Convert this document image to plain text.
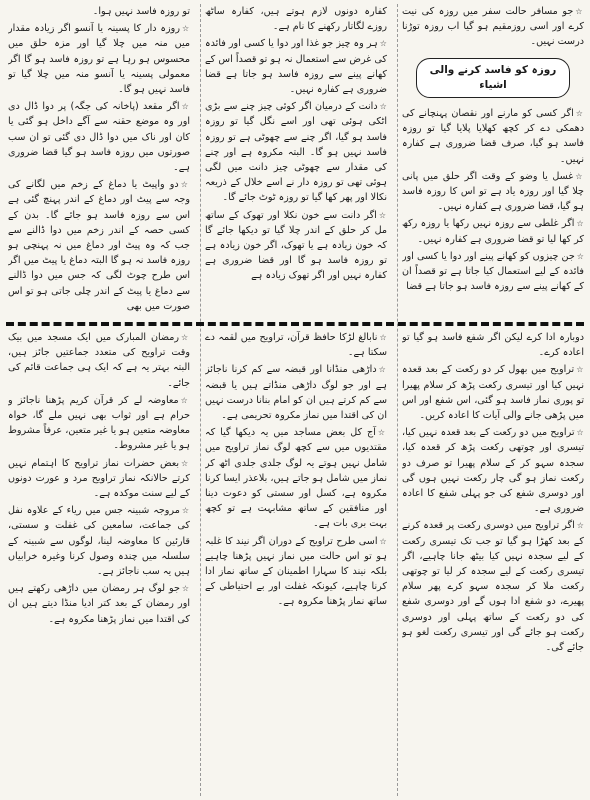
☆جو مسافر حالت سفر میں روزہ کی نیت کرے اور اسی روزمقیم ہو گیا اب روزہ توڑنا درست نہیں۔

روزہ کو فاسد کرنے والی اشیاء

☆اگر کسی کو مارنے اور نقصان پہنچانے کی دھمکی دے کر کچھ کھلایا پلایا گیا تو روزہ فاسد ہو گیا، صرف قضا ضروری ہے کفارہ نہیں۔

☆غسل یا وضو کے وقت اگر حلق میں پانی چلا گیا اور روزہ یاد ہے تو اس کا روزہ فاسد ہو گیا، قضا ضروری ہے کفارہ نہیں۔

☆اگر غلطی سے روزہ نہیں رکھا یا روزہ رکھ کر کھا لیا تو قضا ضروری ہے کفارہ نہیں۔

☆جن چیزوں کو کھانے پینے اور دوا یا کسی اور فائدہ کے لیے استعمال کیا جاتا ہے تو قصداً ان کے کھانے پینے سے روزہ فاسد ہو جاتا ہے قضا

کفارہ دونوں لازم ہوتے ہیں، کفارہ ساٹھ روزے لگاتار رکھنے کا نام ہے۔

☆ہر وہ چیز جو غذا اور دوا یا کسی اور فائدہ کی غرض سے استعمال نہ ہو تو قصداً اس کے کھانے پینے سے روزہ فاسد ہو جاتا ہے قضا ضروری ہے کفارہ نہیں۔

☆دانت کے درمیان اگر کوئی چیز چنے سے بڑی اٹکی ہوئی تھی اور اسے نگل گیا تو روزہ فاسد ہو گیا، اگر چنے سے چھوٹی ہے تو روزہ فاسد نہیں ہو گا۔ البتہ مکروہ ہے اور چنے کی مقدار سے چھوٹی چیز دانت میں لگی ہوئی تھی تو روزہ دار نے اسے خلال کے ذریعہ نکالا اور پھر کھا گیا تو روزہ ٹوٹ جائے گا۔

☆اگر دانت سے خون نکلا اور تھوک کے ساتھ مل کر حلق کے اندر چلا گیا تو دیکھا جائے گا کہ خون زیادہ ہے یا تھوک، اگر خون زیادہ ہے تو روزہ فاسد ہو گا اور قضا ضروری ہے کفارہ نہیں اور اگر تھوک زیادہ ہے

تو روزہ فاسد نہیں ہوا۔

☆روزہ دار کا پسینہ یا آنسو اگر زیادہ مقدار میں منہ میں چلا گیا اور مزہ حلق میں محسوس ہو رہا ہے تو روزہ فاسد ہو گا اگر معمولی پسینہ یا آنسو منہ میں چلا گیا تو فاسد نہیں ہو گا۔

☆اگر مقعد (پاخانہ کی جگہ) پر دوا ڈال دی اور وہ موضع حقنہ سے آگے داخل ہو گئی یا کان اور ناک میں دوا ڈال دی گئی تو ان سب صورتوں میں روزہ فاسد ہو گیا قضا ضروری ہے۔

☆دو واپیٹ یا دماغ کے زخم میں لگانے کی وجہ سے پیٹ اور دماغ کے اندر پہنچ گئی ہے اس سے روزہ فاسد ہو جائے گا۔ بدن کے کسی حصہ کے اندر زخم میں دوا ڈالنے سے جب کہ وہ پیٹ اور دماغ میں نہ پہنچی ہو روزہ فاسد نہ ہو گا البتہ دماغ یا پیٹ میں اگر اس طرح چوٹ لگی کہ جس میں دوا ڈالنے سے دماغ یا پیٹ کے اندر چلی جاتی ہو تو اس صورت میں بھی

دوبارہ ادا کرے لیکن اگر شفع فاسد ہو گیا تو اعادہ کرے۔

☆تراویح میں بھول کر دو رکعت کے بعد قعدہ نہیں کیا اور تیسری رکعت پڑھ کر سلام پھیرا تو پوری نماز فاسد ہو گئی، اس شفع اور اس میں پڑھی جانے والی آیات کا اعادہ کریں۔

☆تراویح میں دو رکعت کے بعد قعدہ نہیں کیا، تیسری اور چوتھی رکعت پڑھ کر قعدہ کیا، سجدہ سہو کر کے سلام پھیرا تو صرف دو رکعت نماز ہو گی چار رکعت نہیں ہوں گی اور دوسری شفع کی جو پہلی شفع کا اعادہ ضروری ہے۔

☆اگر تراویح میں دوسری رکعت پر قعدہ کرنے کے بعد کھڑا ہو گیا تو جب تک تیسری رکعت کے لیے سجدہ نہیں کیا بیٹھ جانا چاہیے، اگر تیسری رکعت کے لیے سجدہ کر لیا تو چوتھی رکعت ملا کر سجدہ سہو کرے پھر سلام پھیرے، دو شفع ادا ہوں گے اور دوسری شفع کی دو رکعت کے ساتھ پہلی اور دوسری رکعت ہو جائے گی اور تیسری رکعت لغو ہو جائے گی۔

☆نابالغ لڑکا حافظ قرآن، تراویح میں لقمہ دے سکتا ہے۔

☆داڑھی منڈانا اور قبضہ سے کم کرنا ناجائز ہے اور جو لوگ داڑھی منڈاتے ہیں یا قبضہ سے کم کرتے ہیں ان کو امام بنانا درست نہیں ان کی اقتدا میں نماز مکروہ تحریمی ہے۔

☆آج کل بعض مساجد میں یہ دیکھا گیا کہ مقتدیوں میں سے کچھ لوگ نماز تراویح میں شامل نہیں ہوتے یہ لوگ جلدی جلدی اٹھ کر نماز میں شامل ہو جاتے ہیں، بلاعذر ایسا کرنا مکروہ ہے، کسل اور سستی کو دعوت دینا اور منافقین کے ساتھ مشابہت ہے تو کچھ بہت بری بات ہے۔

☆اسی طرح تراویح کے دوران اگر نیند کا غلبہ ہو تو اس حالت میں نماز نہیں پڑھنا چاہیے بلکہ نیند کا سہارا اطمینان کے ساتھ نماز ادا کرنا چاہیے، کیونکہ غفلت اور بے احتیاطی کے ساتھ نماز پڑھنا مکروہ ہے۔

☆رمضان المبارک میں ایک مسجد میں بیک وقت تراویح کی متعدد جماعتیں جائز ہیں، البتہ بہتر یہ ہے کہ ایک ہی جماعت قائم کی جائے۔

☆معاوضہ لے کر قرآن کریم پڑھنا ناجائز و حرام ہے اور ثواب بھی نہیں ملے گا، خواہ معاوضہ متعین ہو یا غیر متعین، عرفاً مشروط ہو یا غیر مشروط۔

☆بعض حضرات نماز تراویح کا اہتمام نہیں کرتے حالانکہ نماز تراویح مرد و عورت دونوں کے لیے سنت موکدہ ہے۔

☆مروجہ شبینہ جس میں ریاء کے علاوہ نفل کی جماعت، سامعین کی غفلت و سستی، قارئین کا معاوضہ لینا، لوگوں سے شبینہ کے سلسلہ میں چندہ وصول کرنا وغیرہ خرابیاں ہیں یہ سب ناجائز ہے۔

☆جو لوگ ہر رمضان میں داڑھی رکھتے ہیں اور رمضان کے بعد کتر ادیا منڈا دیتے ہیں ان کی اقتدا میں نماز پڑھنا مکروہ ہے۔
